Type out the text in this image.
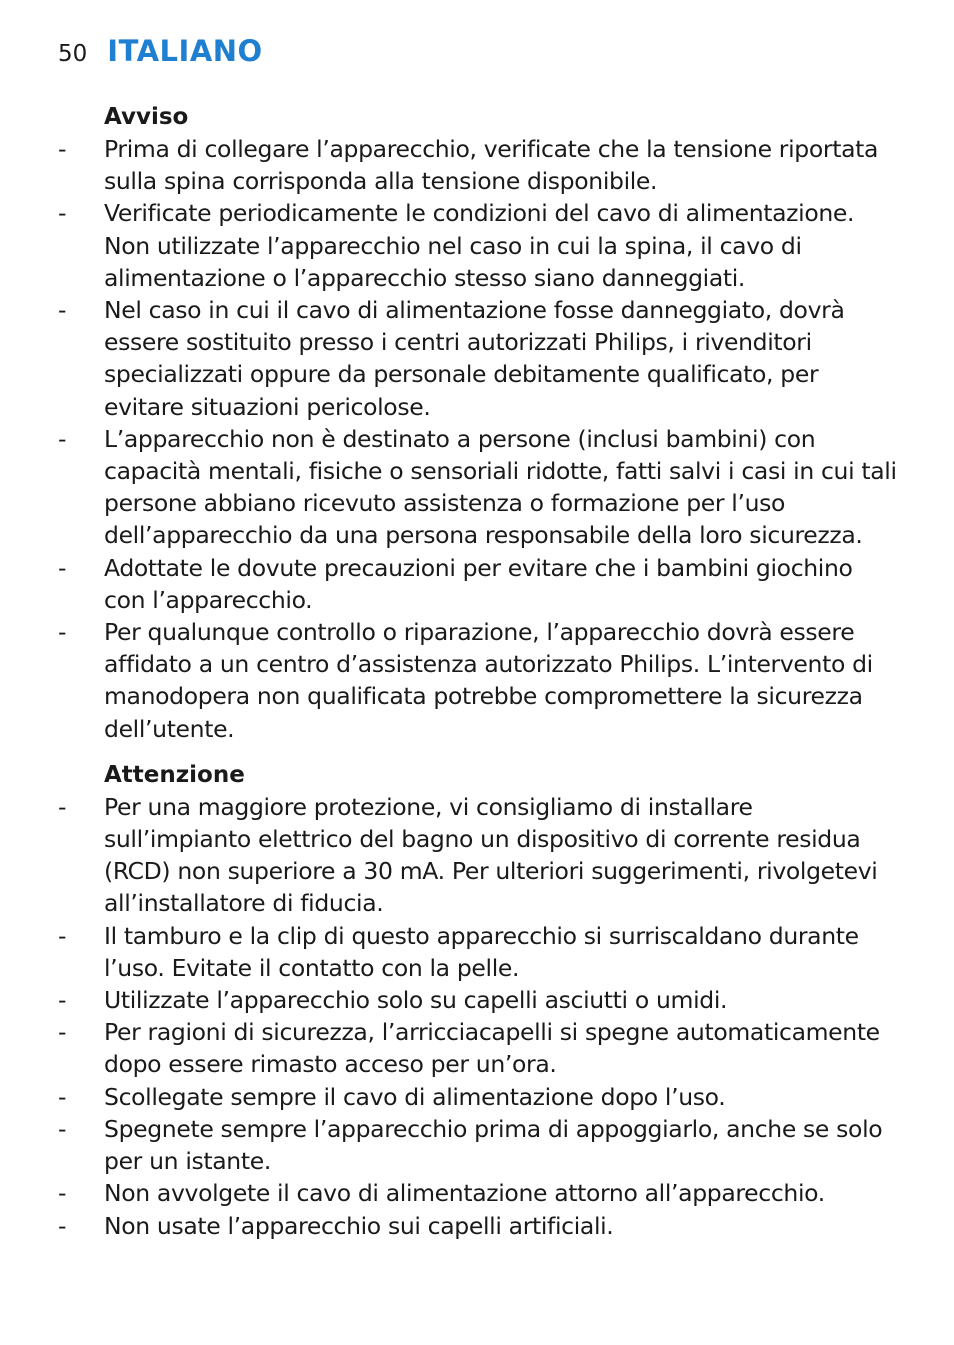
50 ITALIANO
Avviso
-	Prima di collegare l’apparecchio, verificate che la tensione riportata sulla spina corrisponda alla tensione disponibile.
-	Verificate periodicamente le condizioni del cavo di alimentazione. Non utilizzate l’apparecchio nel caso in cui la spina, il cavo di alimentazione o l’apparecchio stesso siano danneggiati.
-	Nel caso in cui il cavo di alimentazione fosse danneggiato, dovrà essere sostituito presso i centri autorizzati Philips, i rivenditori specializzati oppure da personale debitamente qualificato, per evitare situazioni pericolose.
-	L’apparecchio non è destinato a persone (inclusi bambini) con capacità mentali, fisiche o sensoriali ridotte, fatti salvi i casi in cui tali persone abbiano ricevuto assistenza o formazione per l’uso dell’apparecchio da una persona responsabile della loro sicurezza.
-	Adottate le dovute precauzioni per evitare che i bambini giochino con l’apparecchio.
-	Per qualunque controllo o riparazione, l’apparecchio dovrà essere affidato a un centro d’assistenza autorizzato Philips. L’intervento di manodopera non qualificata potrebbe compromettere la sicurezza dell’utente.
Attenzione
-	Per una maggiore protezione, vi consigliamo di installare sull’impianto elettrico del bagno un dispositivo di corrente residua (RCD) non superiore a 30 mA. Per ulteriori suggerimenti, rivolgetevi all’installatore di fiducia.
-	Il tamburo e la clip di questo apparecchio si surriscaldano durante l’uso. Evitate il contatto con la pelle.
-	Utilizzate l’apparecchio solo su capelli asciutti o umidi.
-	Per ragioni di sicurezza, l’arricciacapelli si spegne automaticamente dopo essere rimasto acceso per un’ora.
-	Scollegate sempre il cavo di alimentazione dopo l’uso.
-	Spegnete sempre l’apparecchio prima di appoggiarlo, anche se solo per un istante.
-	Non avvolgete il cavo di alimentazione attorno all’apparecchio.
-	Non usate l’apparecchio sui capelli artificiali.
